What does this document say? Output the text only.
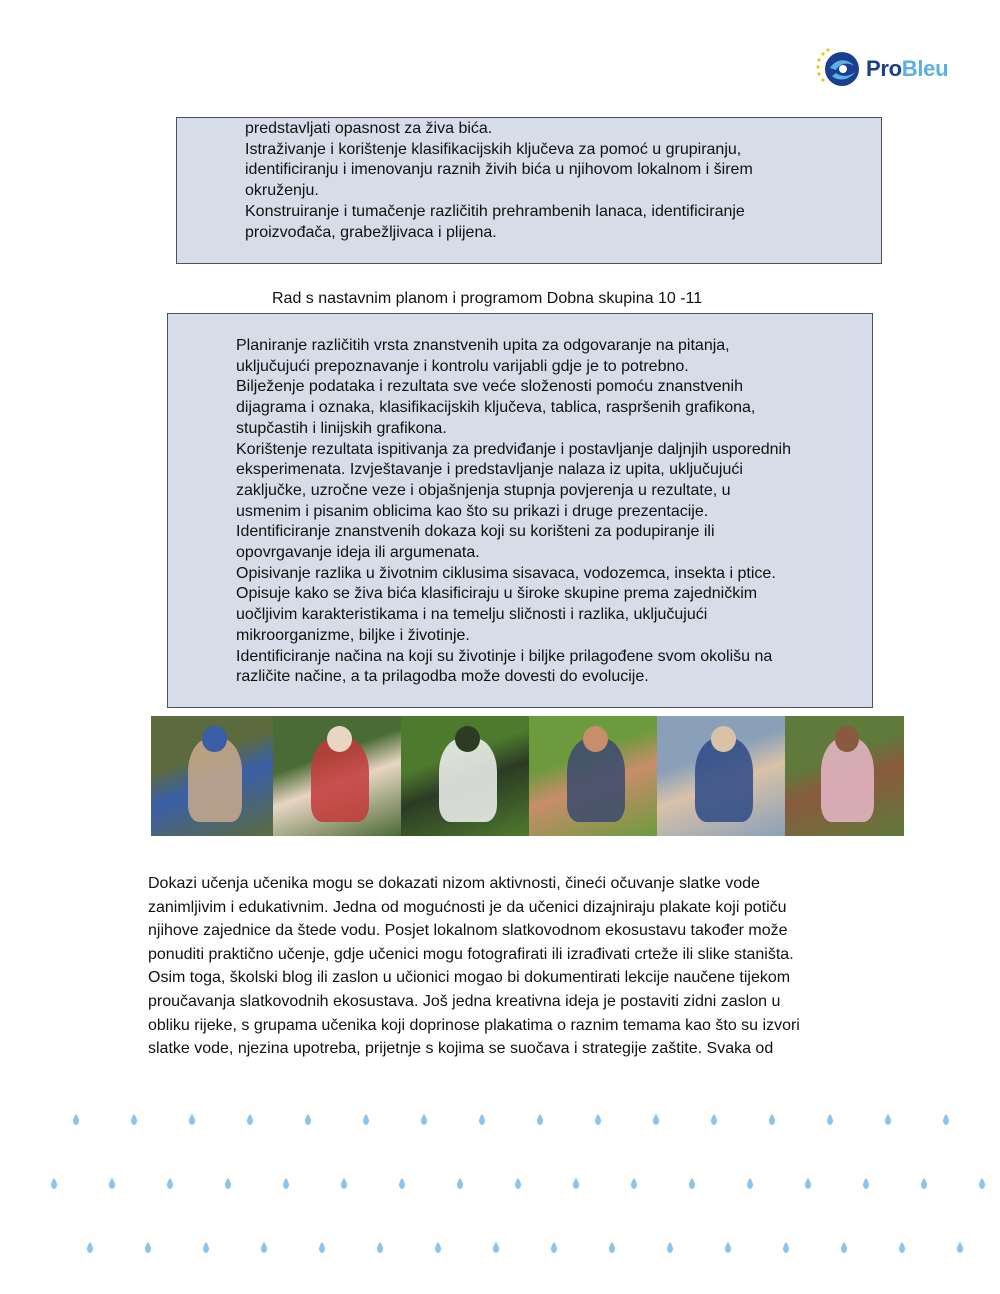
ProBleu
predstavljati opasnost za živa bića.
Istraživanje i korištenje klasifikacijskih ključeva za pomoć u grupiranju,
identificiranju i imenovanju raznih živih bića u njihovom lokalnom i širem
okruženju.
Konstruiranje i tumačenje različitih prehrambenih lanaca, identificiranje
proizvođača, grabežljivaca i plijena.
Rad s nastavnim planom i programom Dobna skupina 10 -11
Planiranje različitih vrsta znanstvenih upita za odgovaranje na pitanja,
uključujući prepoznavanje i kontrolu varijabli gdje je to potrebno.
Bilježenje podataka i rezultata sve veće složenosti pomoću znanstvenih
dijagrama i oznaka, klasifikacijskih ključeva, tablica, raspršenih grafikona,
stupčastih i linijskih grafikona.
Korištenje rezultata ispitivanja za predviđanje i postavljanje daljnjih usporednih
eksperimenata. Izvještavanje i predstavljanje nalaza iz upita, uključujući
zaključke, uzročne veze i objašnjenja stupnja povjerenja u rezultate, u
usmenim i pisanim oblicima kao što su prikazi i druge prezentacije.
Identificiranje znanstvenih dokaza koji su korišteni za podupiranje ili
opovrgavanje ideja ili argumenata.
Opisivanje razlika u životnim ciklusima sisavaca, vodozemca, insekta i ptice.
Opisuje kako se živa bića klasificiraju u široke skupine prema zajedničkim
uočljivim karakteristikama i na temelju sličnosti i razlika, uključujući
mikroorganizme, biljke i životinje.
Identificiranje načina na koji su životinje i biljke prilagođene svom okolišu na
različite načine, a ta prilagodba može dovesti do evolucije.
Dokazi učenja učenika mogu se dokazati nizom aktivnosti, čineći očuvanje slatke vode
zanimljivim i edukativnim. Jedna od mogućnosti je da učenici dizajniraju plakate koji potiču
njihove zajednice da štede vodu. Posjet lokalnom slatkovodnom ekosustavu također može
ponuditi praktično učenje, gdje učenici mogu fotografirati ili izrađivati crteže ili slike staništa.
Osim toga, školski blog ili zaslon u učionici mogao bi dokumentirati lekcije naučene tijekom
proučavanja slatkovodnih ekosustava. Još jedna kreativna ideja je postaviti zidni zaslon u
obliku rijeke, s grupama učenika koji doprinose plakatima o raznim temama kao što su izvori
slatke vode, njezina upotreba, prijetnje s kojima se suočava i strategije zaštite. Svaka od
